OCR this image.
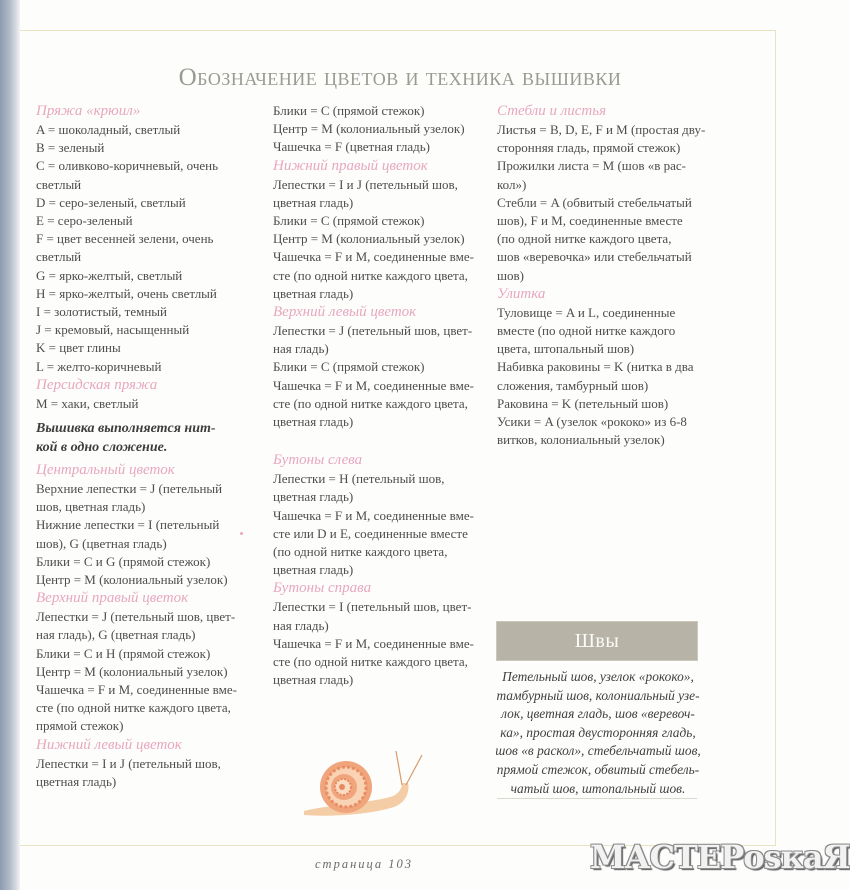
Обозначение цветов и техника вышивки
Пряжа «крюил»
A = шоколадный, светлый
B = зеленый
C = оливково-коричневый, очень
светлый
D = серо-зеленый, светлый
E = серо-зеленый
F = цвет весенней зелени, очень
светлый
G = ярко-желтый, светлый
H = ярко-желтый, очень светлый
I = золотистый, темный
J = кремовый, насыщенный
K = цвет глины
L = желто-коричневый
Персидская пряжа
M = хаки, светлый
Вышивка выполняется нит-
кой в одно сложение.
Центральный цветок
Верхние лепестки = J (петельный
шов, цветная гладь)
Нижние лепестки = I (петельный
шов), G (цветная гладь)
Блики = C и G (прямой стежок)
Центр = M (колониальный узелок)
Верхний правый цветок
Лепестки = J (петельный шов, цвет-
ная гладь), G (цветная гладь)
Блики = C и H (прямой стежок)
Центр = M (колониальный узелок)
Чашечка = F и M, соединенные вме-
сте (по одной нитке каждого цвета,
прямой стежок)
Нижний левый цветок
Лепестки = I и J (петельный шов,
цветная гладь)
Блики = C (прямой стежок)
Центр = M (колониальный узелок)
Чашечка = F (цветная гладь)
Нижний правый цветок
Лепестки = I и J (петельный шов,
цветная гладь)
Блики = C (прямой стежок)
Центр = M (колониальный узелок)
Чашечка = F и M, соединенные вме-
сте (по одной нитке каждого цвета,
цветная гладь)
Верхний левый цветок
Лепестки = J (петельный шов, цвет-
ная гладь)
Блики = C (прямой стежок)
Чашечка = F и M, соединенные вме-
сте (по одной нитке каждого цвета,
цветная гладь)
Бутоны слева
Лепестки = H (петельный шов,
цветная гладь)
Чашечка = F и M, соединенные вме-
сте или D и E, соединенные вместе
(по одной нитке каждого цвета,
цветная гладь)
Бутоны справа
Лепестки = I (петельный шов, цвет-
ная гладь)
Чашечка = F и M, соединенные вме-
сте (по одной нитке каждого цвета,
цветная гладь)
Стебли и листья
Листья = B, D, E, F и M (простая дву-
сторонняя гладь, прямой стежок)
Прожилки листа = M (шов «в рас-
кол»)
Стебли = A (обвитый стебельчатый
шов), F и M, соединенные вместе
(по одной нитке каждого цвета,
шов «веревочка» или стебельчатый
шов)
Улитка
Туловище = A и L, соединенные
вместе (по одной нитке каждого
цвета, штопальный шов)
Набивка раковины = K (нитка в два
сложения, тамбурный шов)
Раковина = K (петельный шов)
Усики = A (узелок «рококо» из 6-8
витков, колониальный узелок)
Швы
Петельный шов, узелок «рококо»,
тамбурный шов, колониальный узе-
лок, цветная гладь, шов «веревоч-
ка», простая двусторонняя гладь,
шов «в раскол», стебельчатый шов,
прямой стежок, обвитый стебель-
чатый шов, штопальный шов.
страница 103	МАСТЕРоѕкаЯ
